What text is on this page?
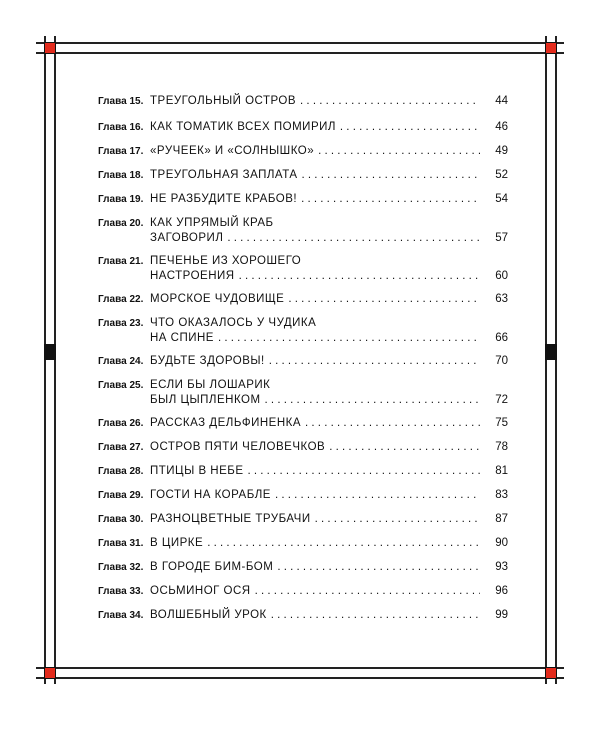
Глава 15. ТРЕУГОЛЬНЫЙ ОСТРОВ . . .	44
Глава 16. КАК ТОМАТИК ВСЕХ ПОМИРИЛ . . .	46
Глава 17. «РУЧЕЕК» И «СОЛНЫШКО» . . .	49
Глава 18. ТРЕУГОЛЬНАЯ ЗАПЛАТА . . .	52
Глава 19. НЕ РАЗБУДИТЕ КРАБОВ! . . .	54
Глава 20. КАК УПРЯМЫЙ КРАБ
ЗАГОВОРИЛ . . .	57
Глава 21. ПЕЧЕНЬЕ ИЗ ХОРОШЕГО
НАСТРОЕНИЯ . . .	60
Глава 22. МОРСКОЕ ЧУДОВИЩЕ . . .	63
Глава 23. ЧТО ОКАЗАЛОСЬ У ЧУДИКА
НА СПИНЕ . . .	66
Глава 24. БУДЬТЕ ЗДОРОВЫ! . . .	70
Глава 25. ЕСЛИ БЫ ЛОШАРИК
БЫЛ ЦЫПЛЕНКОМ . . .	72
Глава 26. РАССКАЗ ДЕЛЬФИНЕНКА . . .	75
Глава 27. ОСТРОВ ПЯТИ ЧЕЛОВЕЧКОВ . . .	78
Глава 28. ПТИЦЫ В НЕБЕ . . .	81
Глава 29. ГОСТИ НА КОРАБЛЕ . . .	83
Глава 30. РАЗНОЦВЕТНЫЕ ТРУБАЧИ . . .	87
Глава 31. В ЦИРКЕ . . .	90
Глава 32. В ГОРОДЕ БИМ-БОМ . . .	93
Глава 33. ОСЬМИНОГ ОСЯ . . .	96
Глава 34. ВОЛШЕБНЫЙ УРОК . . .	99
